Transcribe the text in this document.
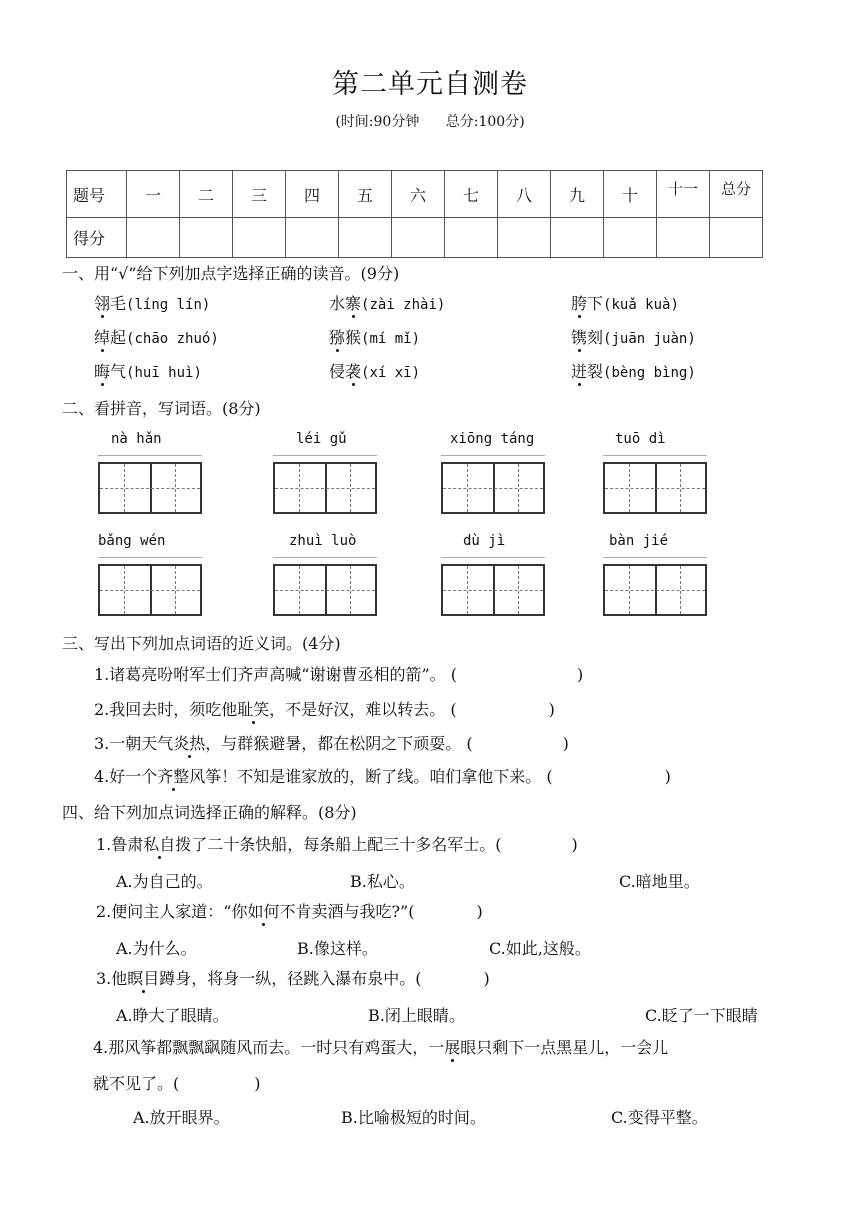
第二单元自测卷
(时间:90分钟 总分:100分)
题号	一	二	三	四	五	六	七	八	九	十	十一	总分
得分												
一、用“√”给下列加点字选择正确的读音。(9分)
翎毛(líng lín)	水寨(zài zhài)	胯下(kuǎ kuà)
绰起(chāo zhuó)	猕猴(mí mǐ)	镌刻(juān juàn)
晦气(huī huì)	侵袭(xí xī)	迸裂(bèng bìng)
二、看拼音，写词语。(8分)
nà hǎn	léi gǔ	xiōng táng	tuō dì
bǎng wén	zhuì luò	dù jì	bàn jié
三、写出下列加点词语的近义词。(4分)
1.诸葛亮吩咐军士们齐声高喊“谢谢曹丞相的箭”。 (	)
2.我回去时，须吃他耻笑，不是好汉，难以转去。 (	)
3.一朝天气炎热，与群猴避暑，都在松阴之下顽耍。 (	)
4.好一个齐整风筝！不知是谁家放的，断了线。咱们拿他下来。 (	)
四、给下列加点词选择正确的解释。(8分)
1.鲁肃私自拨了二十条快船，每条船上配三十多名军士。(	)
A.为自己的。	B.私心。	C.暗地里。
2.便问主人家道：“你如何不肯卖酒与我吃?”(	)
A.为什么。	B.像这样。	C.如此,这般。
3.他瞑目蹲身，将身一纵，径跳入瀑布泉中。(	)
A.睁大了眼睛。	B.闭上眼睛。	C.眨了一下眼睛
4.那风筝都飘飘飖随风而去。一时只有鸡蛋大，一展眼只剩下一点黑星儿，一会儿
就不见了。(	)
A.放开眼界。	B.比喻极短的时间。	C.变得平整。
